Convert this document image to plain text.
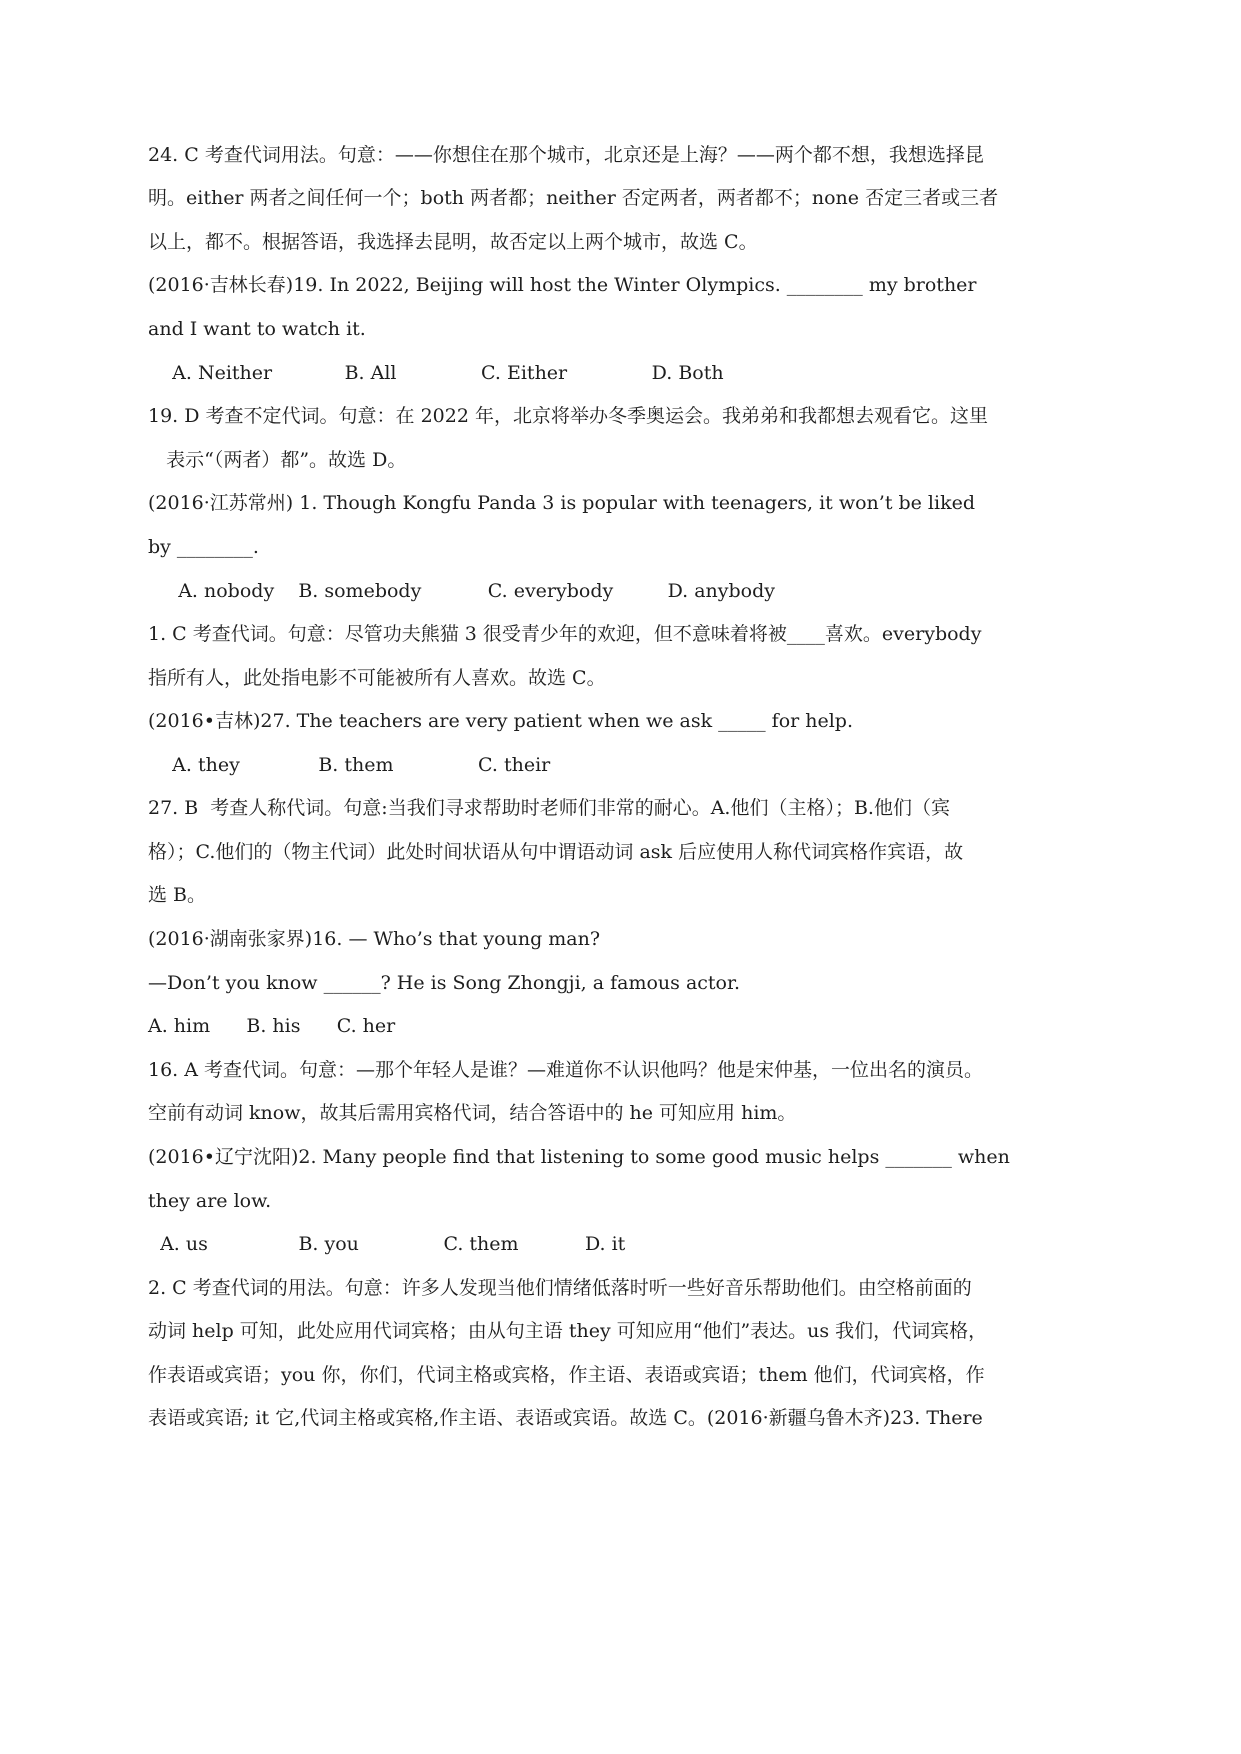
24. C 考查代词用法。句意：——你想住在那个城市，北京还是上海？——两个都不想，我想选择昆
明。either 两者之间任何一个；both 两者都；neither 否定两者，两者都不；none 否定三者或三者
以上，都不。根据答语，我选择去昆明，故否定以上两个城市，故选 C。
(2016·吉林长春)19. In 2022, Beijing will host the Winter Olympics. ________ my brother
and I want to watch it.
A. Neither            B. All              C. Either              D. Both
19. D 考查不定代词。句意：在 2022 年，北京将举办冬季奥运会。我弟弟和我都想去观看它。这里
表示“（两者）都”。故选 D。
(2016·江苏常州) 1. Though Kongfu Panda 3 is popular with teenagers, it won’t be liked
by ________.
A. nobody    B. somebody           C. everybody         D. anybody
1. C 考查代词。句意：尽管功夫熊猫 3 很受青少年的欢迎，但不意味着将被____喜欢。everybody
指所有人，此处指电影不可能被所有人喜欢。故选 C。
(2016•吉林)27. The teachers are very patient when we ask _____ for help.
A. they             B. them              C. their
27. B  考查人称代词。句意:当我们寻求帮助时老师们非常的耐心。A.他们（主格）；B.他们（宾
格）；C.他们的（物主代词）此处时间状语从句中谓语动词 ask 后应使用人称代词宾格作宾语，故
选 B。
(2016·湖南张家界)16. — Who’s that young man?
—Don’t you know ______? He is Song Zhongji, a famous actor.
A. him      B. his      C. her
16. A 考查代词。句意：—那个年轻人是谁？—难道你不认识他吗？他是宋仲基，一位出名的演员。
空前有动词 know，故其后需用宾格代词，结合答语中的 he 可知应用 him。
(2016•辽宁沈阳)2. Many people find that listening to some good music helps _______ when
they are low.
A. us               B. you              C. them           D. it
2. C 考查代词的用法。句意：许多人发现当他们情绪低落时听一些好音乐帮助他们。由空格前面的
动词 help 可知，此处应用代词宾格；由从句主语 they 可知应用“他们”表达。us 我们，代词宾格，
作表语或宾语；you 你，你们，代词主格或宾格，作主语、表语或宾语；them 他们，代词宾格，作
表语或宾语; it 它,代词主格或宾格,作主语、表语或宾语。故选 C。(2016·新疆乌鲁木齐)23. There
